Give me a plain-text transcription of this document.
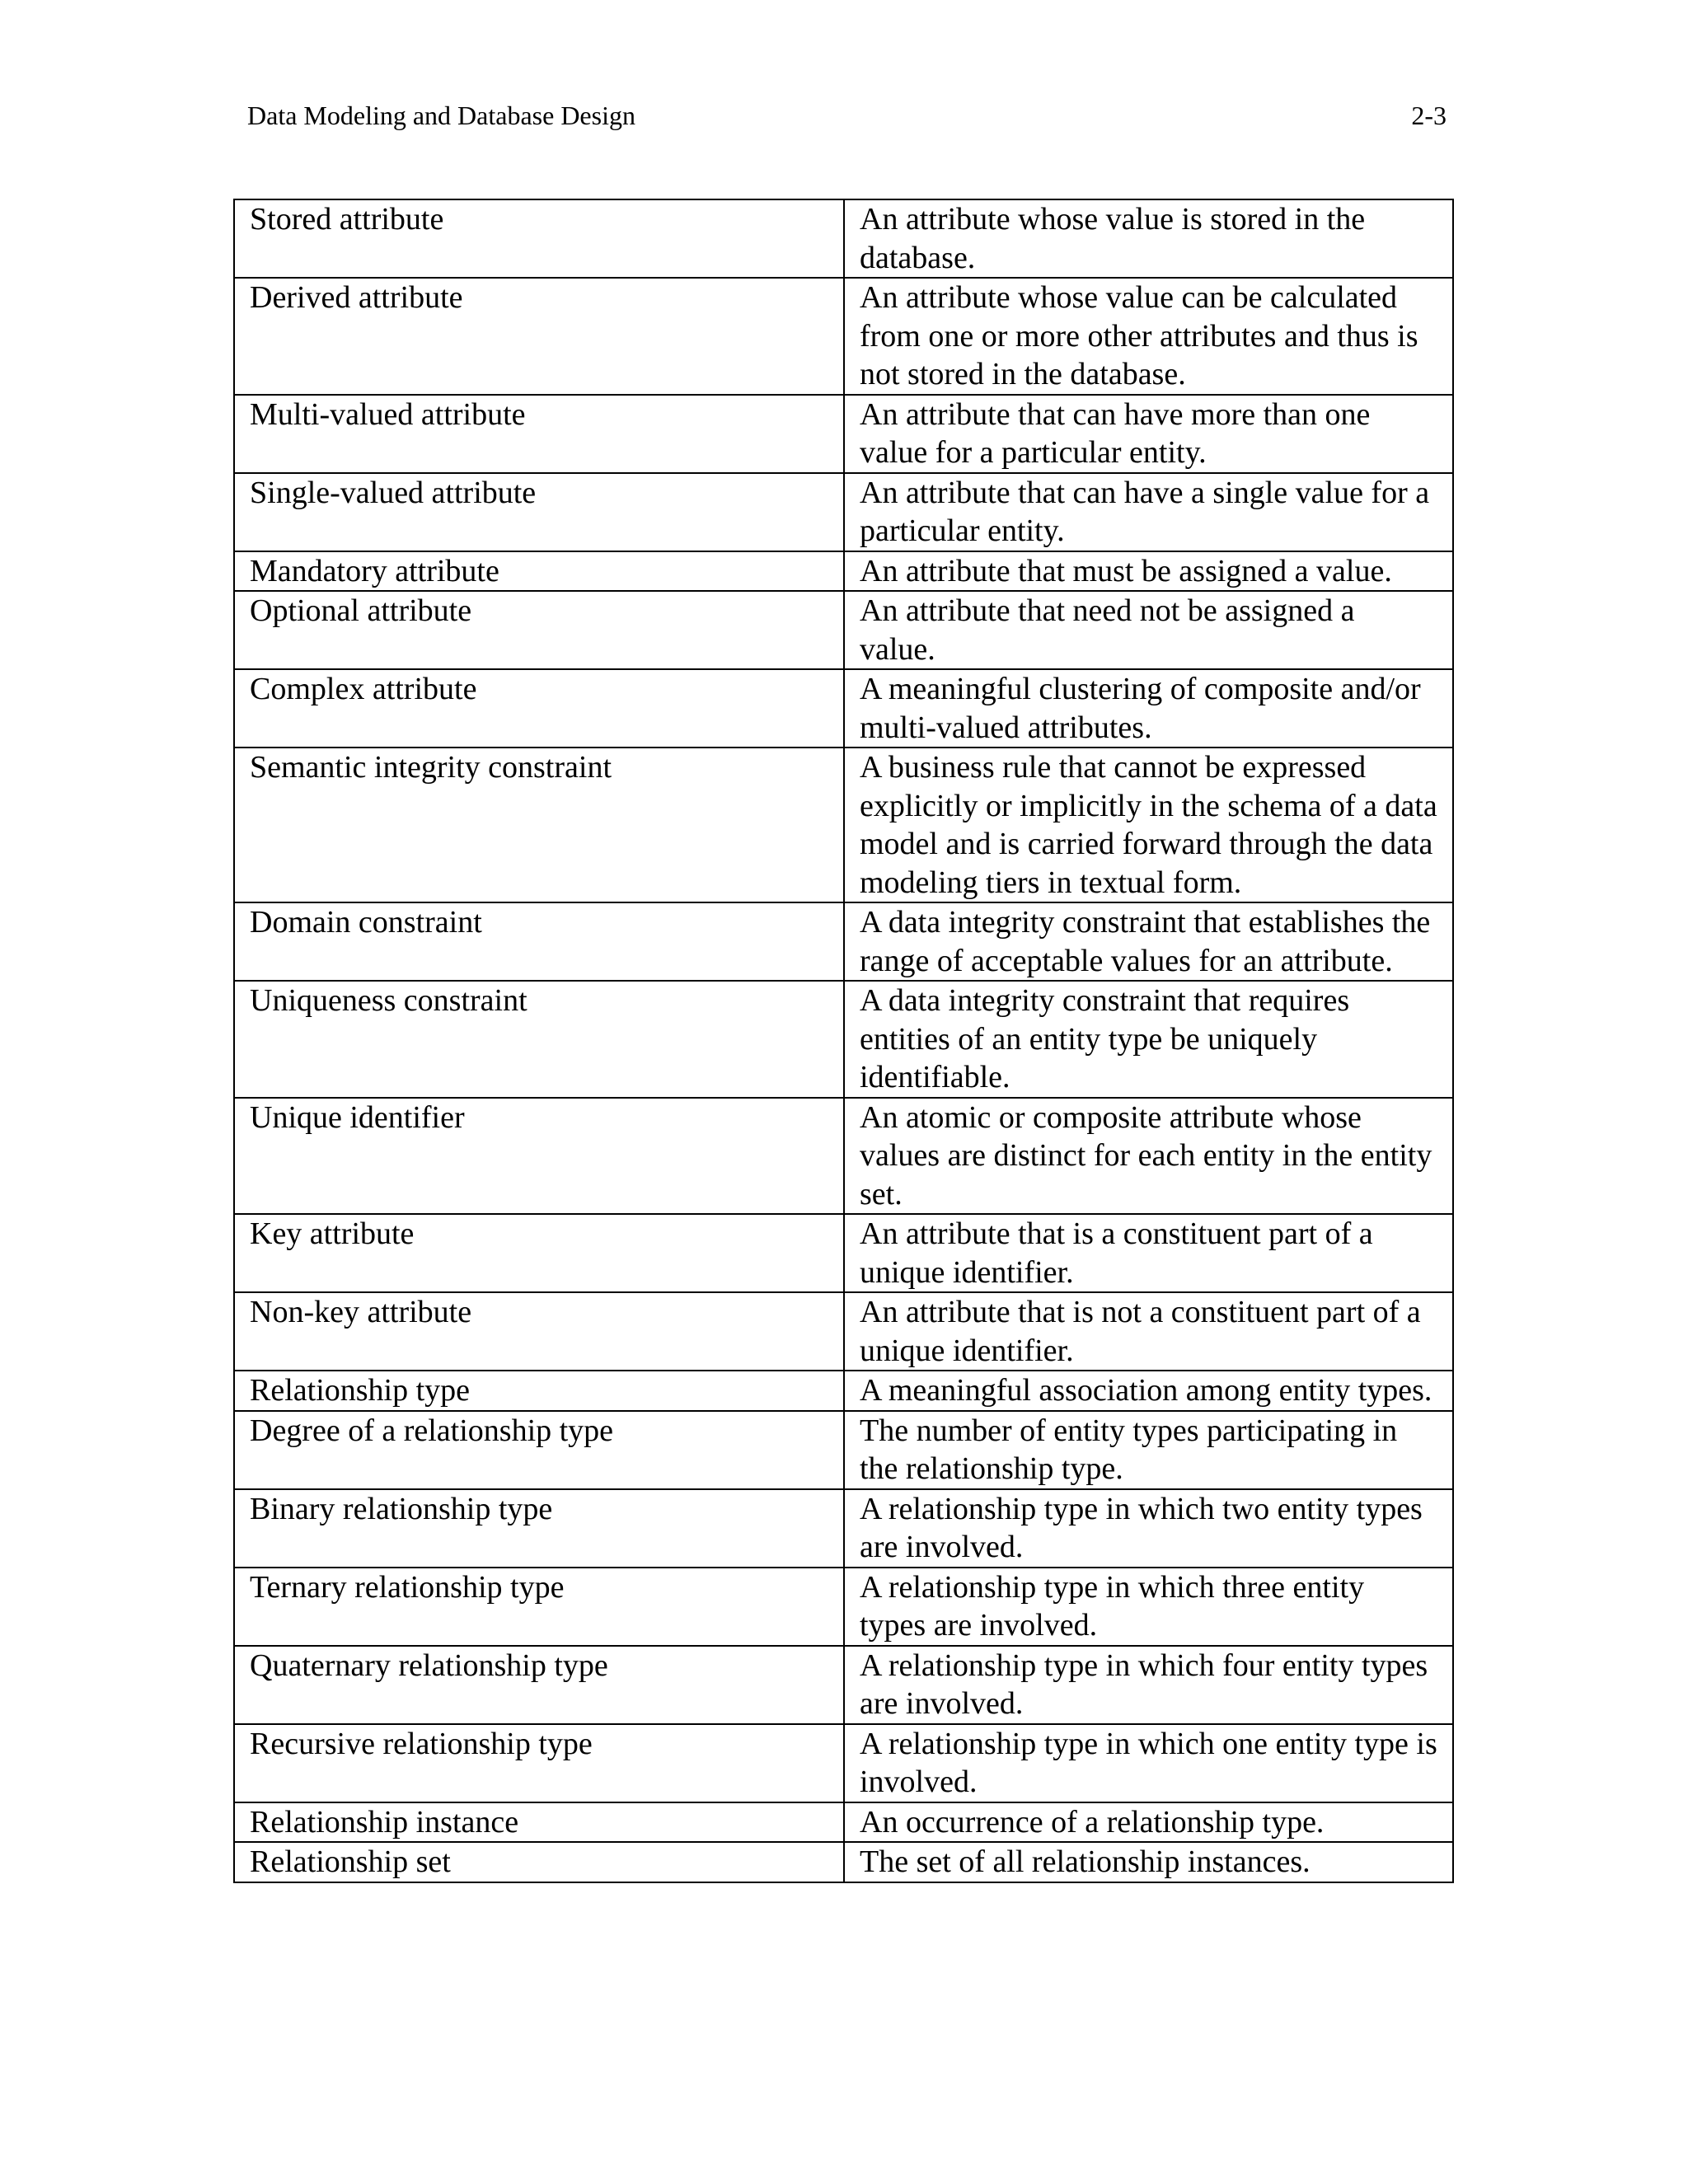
Data Modeling and Database Design	2-3
Stored attribute	An attribute whose value is stored in the database.
Derived attribute	An attribute whose value can be calculated from one or more other attributes and thus is not stored in the database.
Multi-valued attribute	An attribute that can have more than one value for a particular entity.
Single-valued attribute	An attribute that can have a single value for a particular entity.
Mandatory attribute	An attribute that must be assigned a value.
Optional attribute	An attribute that need not be assigned a value.
Complex attribute	A meaningful clustering of composite and/or multi-valued attributes.
Semantic integrity constraint	A business rule that cannot be expressed explicitly or implicitly in the schema of a data model and is carried forward through the data modeling tiers in textual form.
Domain constraint	A data integrity constraint that establishes the range of acceptable values for an attribute.
Uniqueness constraint	A data integrity constraint that requires entities of an entity type be uniquely identifiable.
Unique identifier	An atomic or composite attribute whose values are distinct for each entity in the entity set.
Key attribute	An attribute that is a constituent part of a unique identifier.
Non-key attribute	An attribute that is not a constituent part of a unique identifier.
Relationship type	A meaningful association among entity types.
Degree of a relationship type	The number of entity types participating in the relationship type.
Binary relationship type	A relationship type in which two entity types are involved.
Ternary relationship type	A relationship type in which three entity types are involved.
Quaternary relationship type	A relationship type in which four entity types are involved.
Recursive relationship type	A relationship type in which one entity type is involved.
Relationship instance	An occurrence of a relationship type.
Relationship set	The set of all relationship instances.
